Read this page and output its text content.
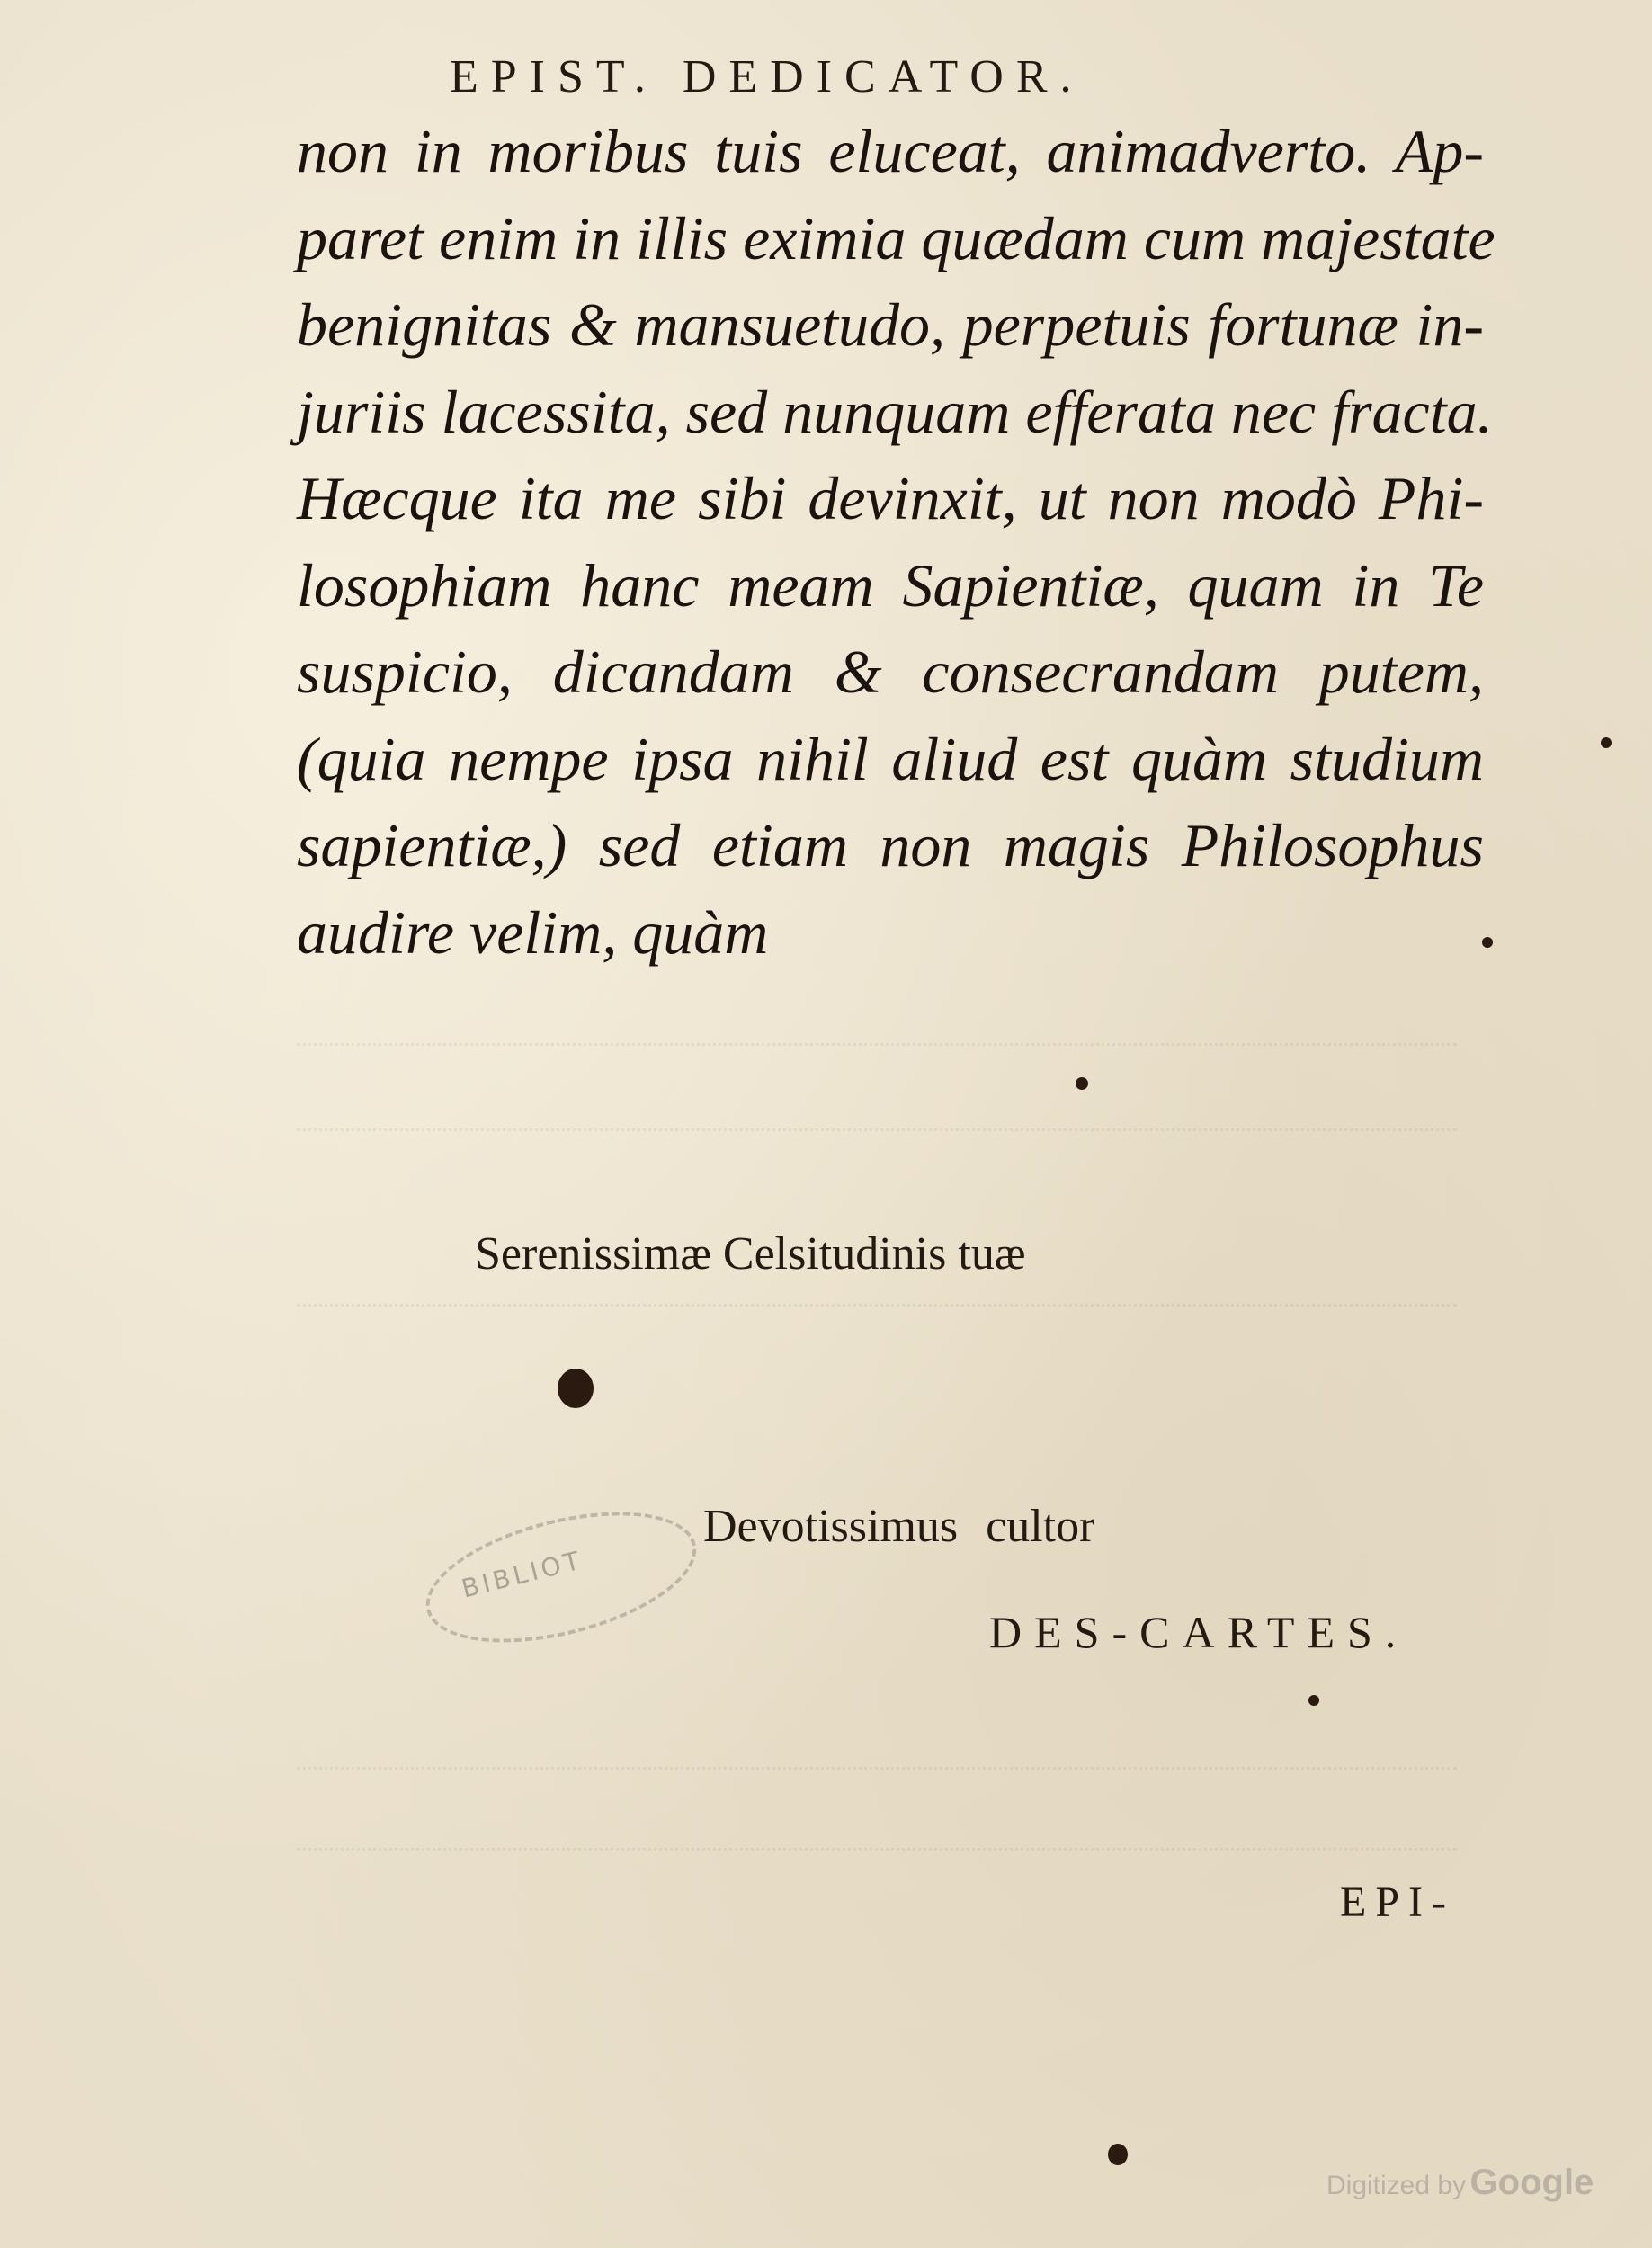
EPIST. DEDICATOR.
non in moribus tuis eluceat, animadverto. Ap-
paret enim in illis eximia quædam cum majestate
benignitas & mansuetudo, perpetuis fortunæ in-
juriis lacessita, sed nunquam efferata nec fracta.
Hæcque ita me sibi devinxit, ut non modò Phi-
losophiam hanc meam Sapientiæ, quam in Te
suspicio, dicandam & consecrandam putem,
(quia nempe ipsa nihil aliud est quàm studium
sapientiæ,) sed etiam non magis Philosophus
audire velim, quàm
Serenissimæ Celsitudinis tuæ
BIBLIOT
Devotissimus cultor
DES-CARTES.
EPI-
Digitized by Google
